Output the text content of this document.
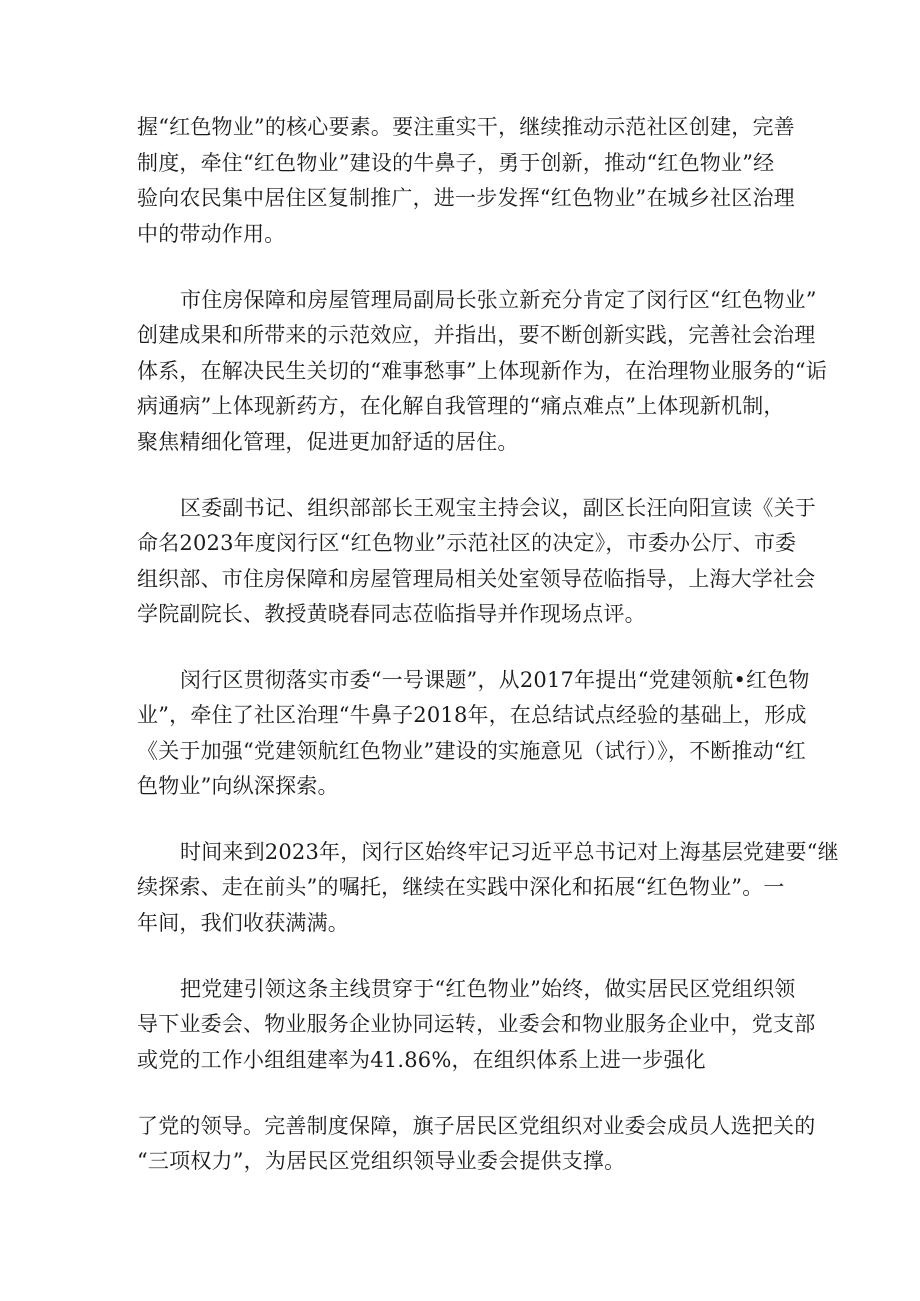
握“红色物业”的核心要素。要注重实干，继续推动示范社区创建，完善
制度，牵住“红色物业”建设的牛鼻子，勇于创新，推动“红色物业”经
验向农民集中居住区复制推广，进一步发挥“红色物业”在城乡社区治理
中的带动作用。
市住房保障和房屋管理局副局长张立新充分肯定了闵行区“红色物业”
创建成果和所带来的示范效应，并指出，要不断创新实践，完善社会治理
体系，在解决民生关切的“难事愁事”上体现新作为，在治理物业服务的“诟
病通病”上体现新药方，在化解自我管理的“痛点难点”上体现新机制，
聚焦精细化管理，促进更加舒适的居住。
区委副书记、组织部部长王观宝主持会议，副区长汪向阳宣读《关于
命名2023年度闵行区“红色物业”示范社区的决定》，市委办公厅、市委
组织部、市住房保障和房屋管理局相关处室领导莅临指导，上海大学社会
学院副院长、教授黄晓春同志莅临指导并作现场点评。
闵行区贯彻落实市委“一号课题”，从2017年提出“党建领航•红色物
业”，牵住了社区治理“牛鼻子2018年，在总结试点经验的基础上，形成
《关于加强“党建领航红色物业”建设的实施意见（试行）》，不断推动“红
色物业”向纵深探索。
时间来到2023年，闵行区始终牢记习近平总书记对上海基层党建要“继
续探索、走在前头”的嘱托，继续在实践中深化和拓展“红色物业”。一
年间，我们收获满满。
把党建引领这条主线贯穿于“红色物业”始终，做实居民区党组织领
导下业委会、物业服务企业协同运转，业委会和物业服务企业中，党支部
或党的工作小组组建率为41.86%，在组织体系上进一步强化
了党的领导。完善制度保障，旗子居民区党组织对业委会成员人选把关的
“三项权力”，为居民区党组织领导业委会提供支撑。
